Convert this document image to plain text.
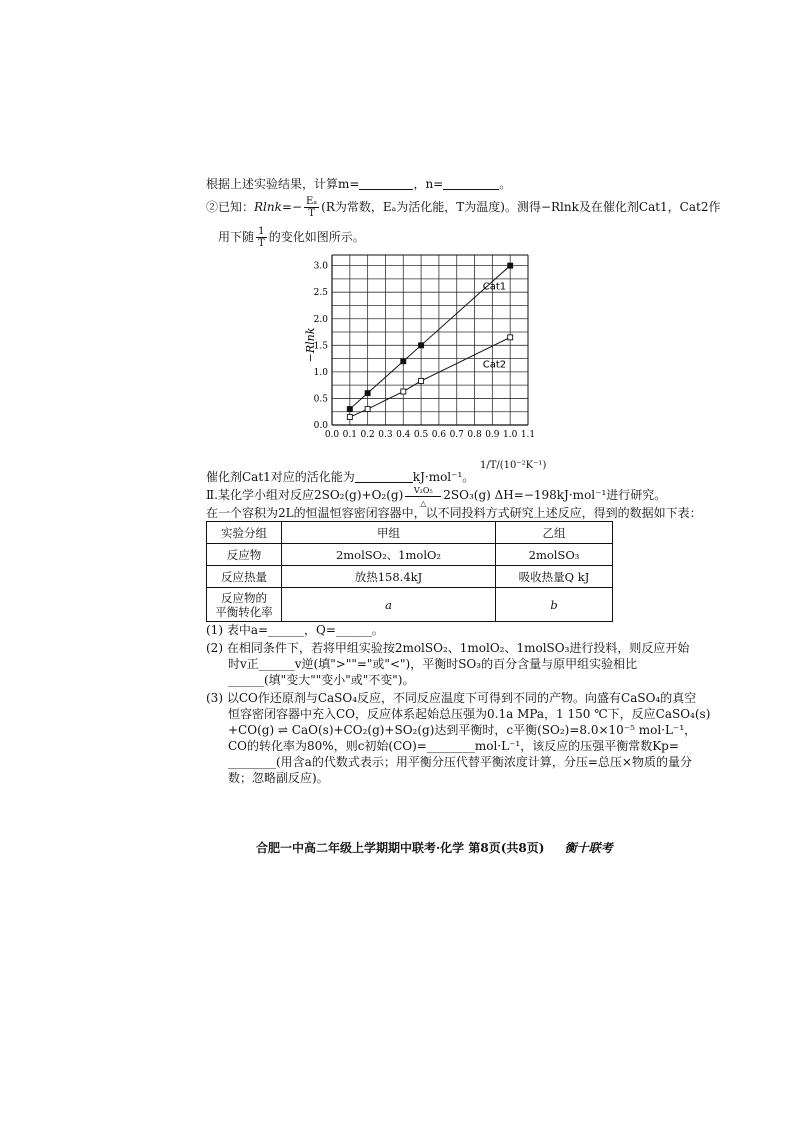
根据上述实验结果，计算m=	，n=	。
②已知：$Rlnk=- \frac{\text{Eₐ}}{T} (R$为常数，Eₐ为活化能，T为温度)。测得−Rlnk及在催化剂Cat1，Cat2作
用下随 $\frac{1}{T}$ 的变化如图所示。
0.0 0.1 0.2 0.3 0.4 0.5 0.6 0.7 0.8 0.9 1.0 1.1
0.0
0.5
1.0
1.5
2.0
2.5
3.0
Cat1
Cat2
−Rlnk
1/T/(10⁻²K⁻¹)
催化剂Cat1对应的活化能为	kJ·mol⁻¹。
Ⅱ.某化学小组对反应2SO₂(g)+O₂(g)	V₂O₅
△
2SO₃(g) ΔH=−198kJ·mol⁻¹进行研究。
在一个容积为2L的恒温恒容密闭容器中，以不同投料方式研究上述反应，得到的数据如下表：
实验分组	甲组	乙组
反应物	2molSO₂、1molO₂	2molSO₃
反应热量	放热158.4kJ	吸收热量Q kJ
反应物的
平衡转化率	a	b
(1) 表中a=______，Q=______。
(2) 在相同条件下，若将甲组实验按2molSO₂、1molO₂、1molSO₃进行投料，则反应开始
时v正______v逆(填">""="或"<")，平衡时SO₃的百分含量与原甲组实验相比
______(填"变大""变小"或"不变")。
(3) 以CO作还原剂与CaSO₄反应，不同反应温度下可得到不同的产物。向盛有CaSO₄的真空
恒容密闭容器中充入CO，反应体系起始总压强为0.1a MPa，1 150 ℃下，反应CaSO₄(s)
+CO(g) ⇌ CaO(s)+CO₂(g)+SO₂(g)达到平衡时，c平衡(SO₂)=8.0×10⁻⁵ mol·L⁻¹，
CO的转化率为80%，则c初始(CO)=________mol·L⁻¹，该反应的压强平衡常数Kp=
________(用含a的代数式表示；用平衡分压代替平衡浓度计算，分压=总压×物质的量分
数；忽略副反应)。
合肥一中高二年级上学期期中联考·化学 第8页(共8页) 衡十联考
